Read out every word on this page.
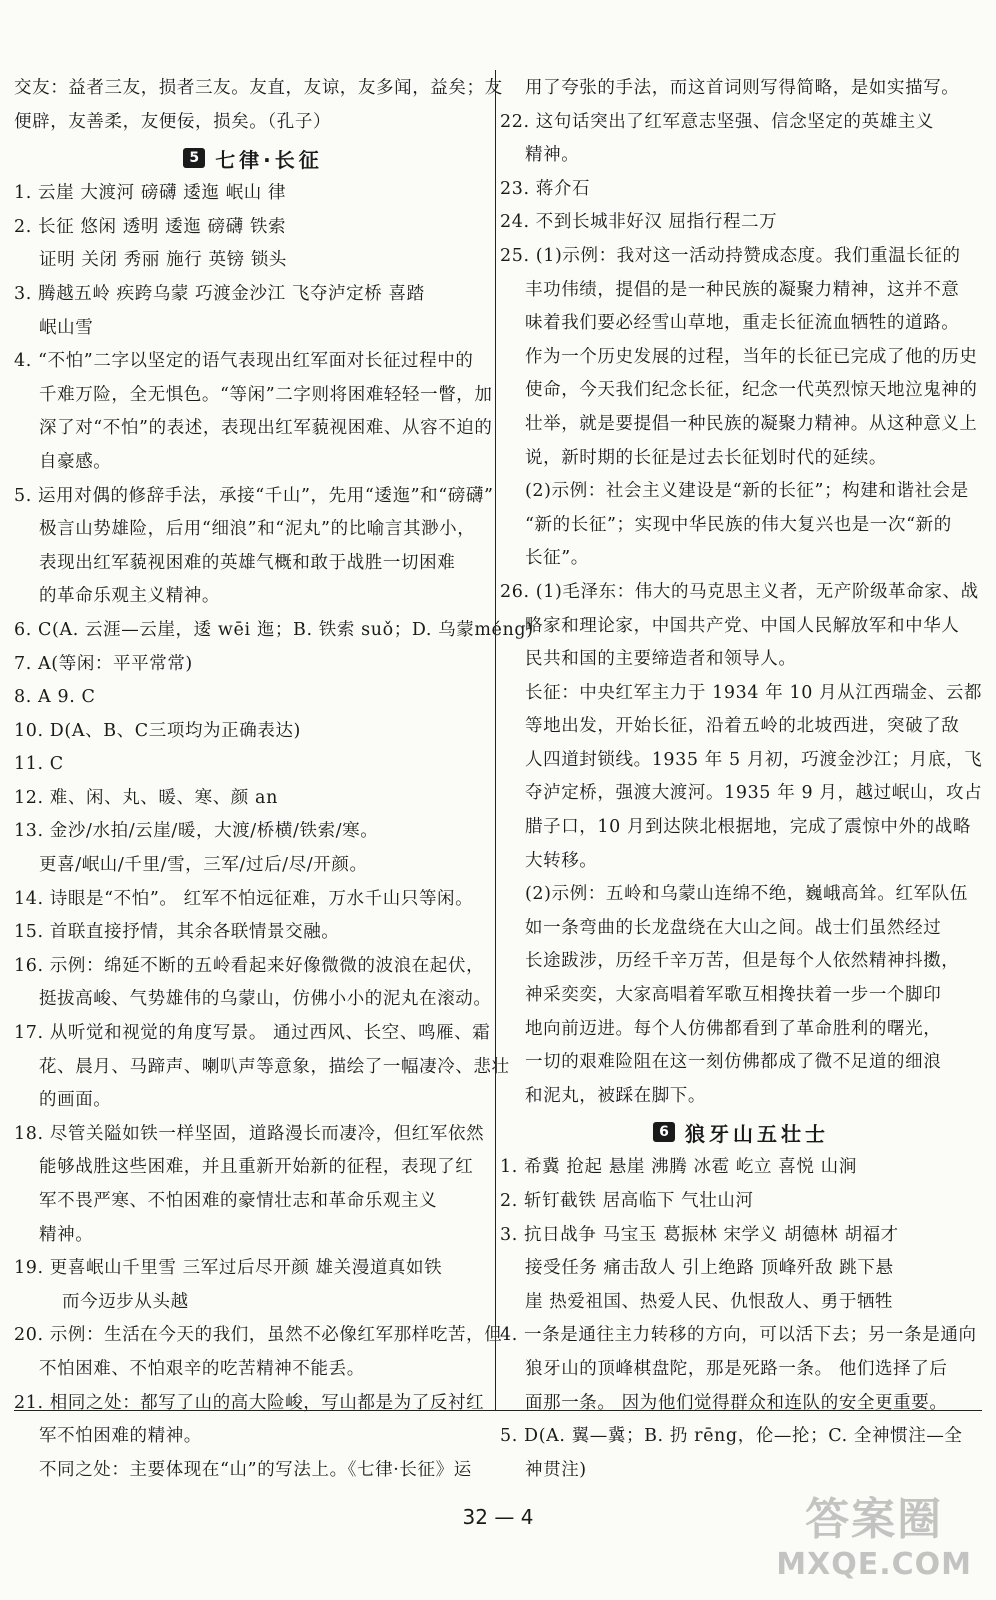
交友：益者三友，损者三友。友直，友谅，友多闻，益矣；友
便辟，友善柔，友便佞，损矣。（孔子）
5 七律·长征
1. 云崖 大渡河 磅礴 逶迤 岷山 律
2. 长征 悠闲 透明 逶迤 磅礴 铁索
证明 关闭 秀丽 施行 英镑 锁头
3. 腾越五岭 疾跨乌蒙 巧渡金沙江 飞夺泸定桥 喜踏
岷山雪
4. “不怕”二字以坚定的语气表现出红军面对长征过程中的
千难万险，全无惧色。“等闲”二字则将困难轻轻一瞥，加
深了对“不怕”的表述，表现出红军藐视困难、从容不迫的
自豪感。
5. 运用对偶的修辞手法，承接“千山”，先用“逶迤”和“磅礴”
极言山势雄险，后用“细浪”和“泥丸”的比喻言其渺小，
表现出红军藐视困难的英雄气概和敢于战胜一切困难
的革命乐观主义精神。
6. C(A. 云涯—云崖，逶 wēi 迤；B. 铁索 suǒ；D. 乌蒙méng)
7. A(等闲：平平常常)
8. A 9. C
10. D(A、B、C三项均为正确表达)
11. C
12. 难、闲、丸、暖、寒、颜 an
13. 金沙/水拍/云崖/暖，大渡/桥横/铁索/寒。
更喜/岷山/千里/雪，三军/过后/尽/开颜。
14. 诗眼是“不怕”。 红军不怕远征难，万水千山只等闲。
15. 首联直接抒情，其余各联情景交融。
16. 示例：绵延不断的五岭看起来好像微微的波浪在起伏，
挺拔高峻、气势雄伟的乌蒙山，仿佛小小的泥丸在滚动。
17. 从听觉和视觉的角度写景。 通过西风、长空、鸣雁、霜
花、晨月、马蹄声、喇叭声等意象，描绘了一幅凄冷、悲壮
的画面。
18. 尽管关隘如铁一样坚固，道路漫长而凄冷，但红军依然
能够战胜这些困难，并且重新开始新的征程，表现了红
军不畏严寒、不怕困难的豪情壮志和革命乐观主义
精神。
19. 更喜岷山千里雪 三军过后尽开颜 雄关漫道真如铁
而今迈步从头越
20. 示例：生活在今天的我们，虽然不必像红军那样吃苦，但
不怕困难、不怕艰辛的吃苦精神不能丢。
21. 相同之处：都写了山的高大险峻，写山都是为了反衬红
军不怕困难的精神。
不同之处：主要体现在“山”的写法上。《七律·长征》运
用了夸张的手法，而这首词则写得简略，是如实描写。
22. 这句话突出了红军意志坚强、信念坚定的英雄主义
精神。
23. 蒋介石
24. 不到长城非好汉 屈指行程二万
25. (1)示例：我对这一活动持赞成态度。我们重温长征的
丰功伟绩，提倡的是一种民族的凝聚力精神，这并不意
味着我们要必经雪山草地，重走长征流血牺牲的道路。
作为一个历史发展的过程，当年的长征已完成了他的历史
使命，今天我们纪念长征，纪念一代英烈惊天地泣鬼神的
壮举，就是要提倡一种民族的凝聚力精神。从这种意义上
说，新时期的长征是过去长征划时代的延续。
(2)示例：社会主义建设是“新的长征”；构建和谐社会是
“新的长征”；实现中华民族的伟大复兴也是一次“新的
长征”。
26. (1)毛泽东：伟大的马克思主义者，无产阶级革命家、战
略家和理论家，中国共产党、中国人民解放军和中华人
民共和国的主要缔造者和领导人。
长征：中央红军主力于 1934 年 10 月从江西瑞金、云都
等地出发，开始长征，沿着五岭的北坡西进，突破了敌
人四道封锁线。1935 年 5 月初，巧渡金沙江；月底，飞
夺泸定桥，强渡大渡河。1935 年 9 月，越过岷山，攻占
腊子口，10 月到达陕北根据地，完成了震惊中外的战略
大转移。
(2)示例：五岭和乌蒙山连绵不绝，巍峨高耸。红军队伍
如一条弯曲的长龙盘绕在大山之间。战士们虽然经过
长途跋涉，历经千辛万苦，但是每个人依然精神抖擞，
神采奕奕，大家高唱着军歌互相搀扶着一步一个脚印
地向前迈进。每个人仿佛都看到了革命胜利的曙光，
一切的艰难险阻在这一刻仿佛都成了微不足道的细浪
和泥丸，被踩在脚下。
6 狼牙山五壮士
1. 希冀 抢起 悬崖 沸腾 冰雹 屹立 喜悦 山涧
2. 斩钉截铁 居高临下 气壮山河
3. 抗日战争 马宝玉 葛振林 宋学义 胡德林 胡福才
接受任务 痛击敌人 引上绝路 顶峰歼敌 跳下悬
崖 热爱祖国、热爱人民、仇恨敌人、勇于牺牲
4. 一条是通往主力转移的方向，可以活下去；另一条是通向
狼牙山的顶峰棋盘陀，那是死路一条。 他们选择了后
面那一条。 因为他们觉得群众和连队的安全更重要。
5. D(A. 翼—冀；B. 扔 rēng，伦—抡；C. 全神惯注—全
神贯注)
32 — 4	答案圈
MXQE.COM
